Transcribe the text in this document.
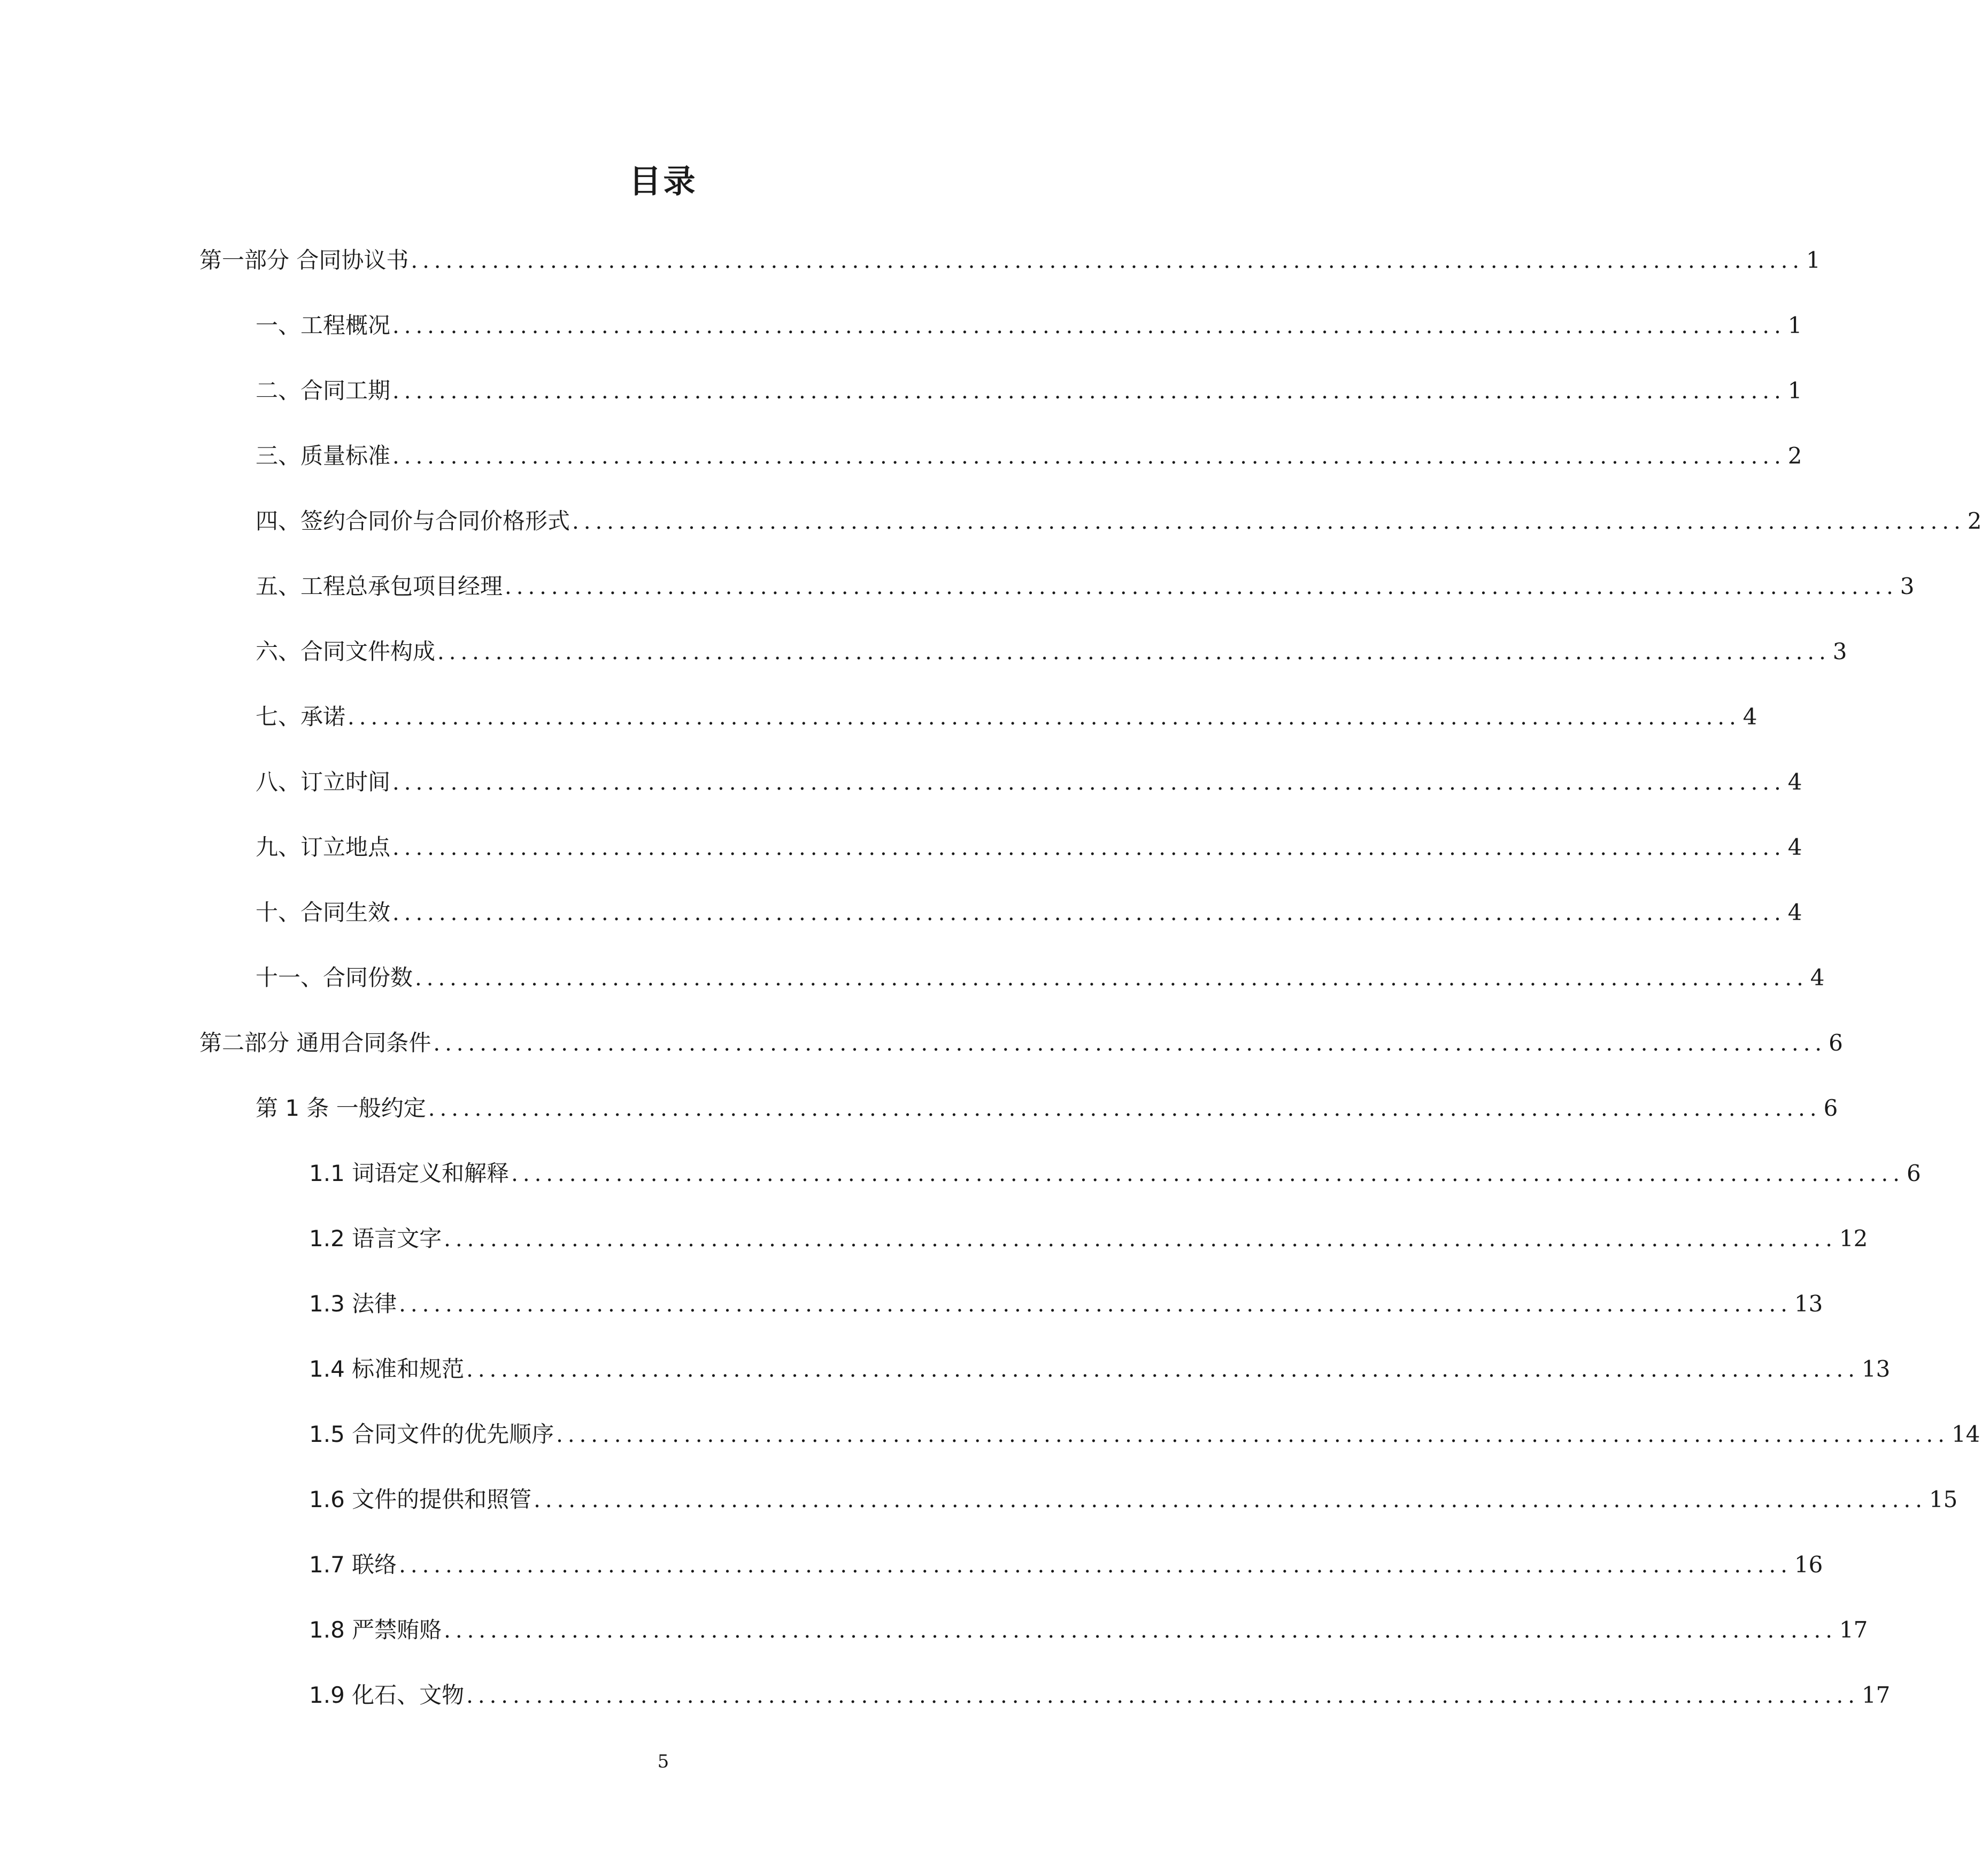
目录
第一部分 合同协议书 ........................................................................................................................ 1
一、工程概况 ........................................................................................................................ 1
二、合同工期 ........................................................................................................................ 1
三、质量标准 ........................................................................................................................ 2
四、签约合同价与合同价格形式 ........................................................................................................................ 2
五、工程总承包项目经理 ........................................................................................................................ 3
六、合同文件构成 ........................................................................................................................ 3
七、承诺 ........................................................................................................................ 4
八、订立时间 ........................................................................................................................ 4
九、订立地点 ........................................................................................................................ 4
十、合同生效 ........................................................................................................................ 4
十一、合同份数 ........................................................................................................................ 4
第二部分 通用合同条件 ........................................................................................................................ 6
第 1 条 一般约定 ........................................................................................................................ 6
1.1 词语定义和解释 ........................................................................................................................ 6
1.2 语言文字 ........................................................................................................................ 12
1.3 法律 ........................................................................................................................ 13
1.4 标准和规范 ........................................................................................................................ 13
1.5 合同文件的优先顺序 ........................................................................................................................ 14
1.6 文件的提供和照管 ........................................................................................................................ 15
1.7 联络 ........................................................................................................................ 16
1.8 严禁贿赂 ........................................................................................................................ 17
1.9 化石、文物 ........................................................................................................................ 17
5
